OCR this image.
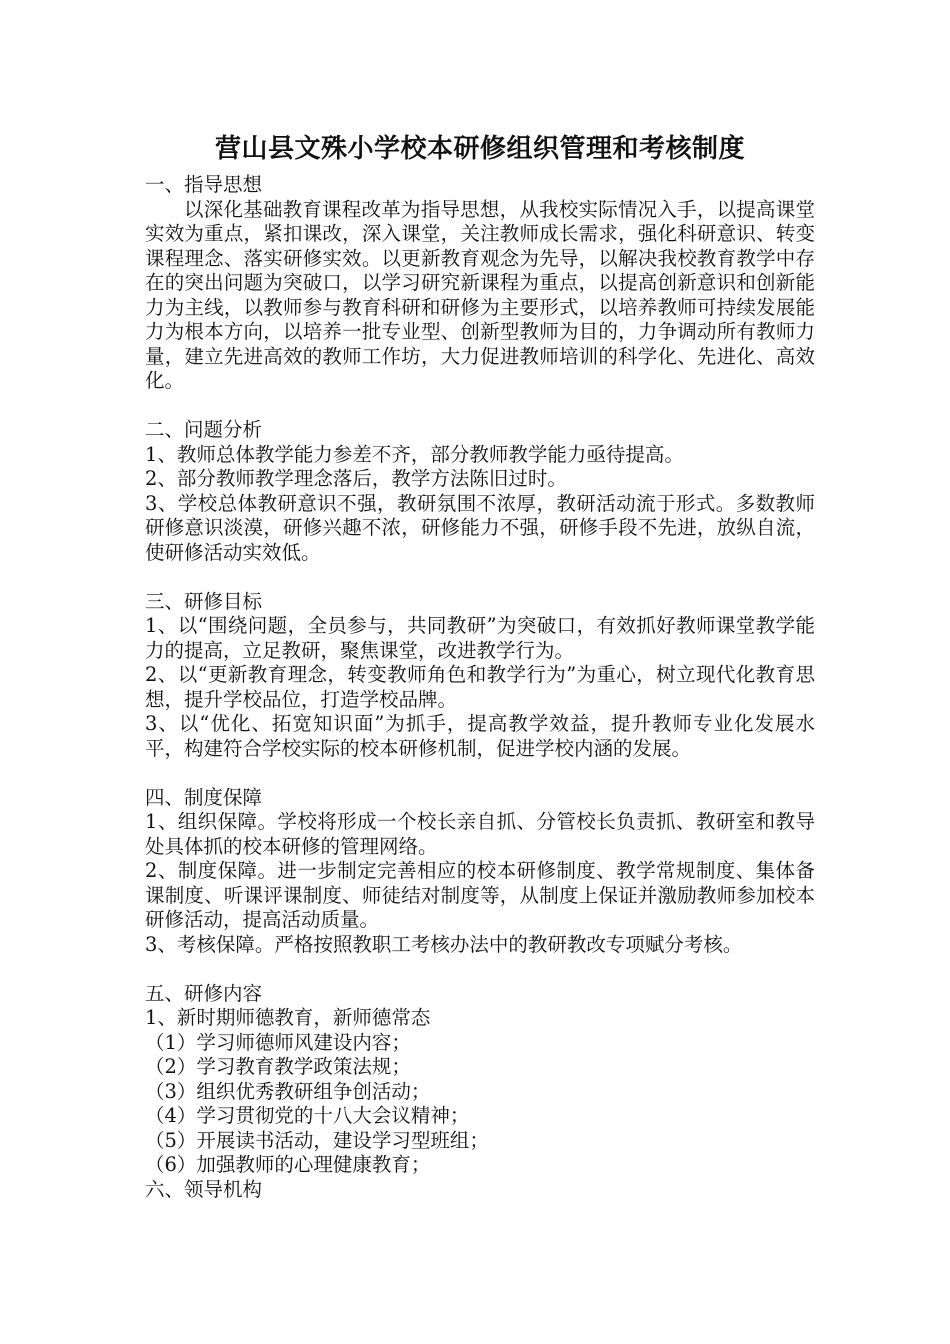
营山县文殊小学校本研修组织管理和考核制度

一、指导思想

以深化基础教育课程改革为指导思想，从我校实际情况入手，以提高课堂实效为重点，紧扣课改，深入课堂，关注教师成长需求，强化科研意识、转变课程理念、落实研修实效。以更新教育观念为先导，以解决我校教育教学中存在的突出问题为突破口，以学习研究新课程为重点，以提高创新意识和创新能力为主线，以教师参与教育科研和研修为主要形式，以培养教师可持续发展能力为根本方向，以培养一批专业型、创新型教师为目的，力争调动所有教师力量，建立先进高效的教师工作坊，大力促进教师培训的科学化、先进化、高效化。

二、问题分析

1、教师总体教学能力参差不齐，部分教师教学能力亟待提高。

2、部分教师教学理念落后，教学方法陈旧过时。

3、学校总体教研意识不强，教研氛围不浓厚，教研活动流于形式。多数教师研修意识淡漠，研修兴趣不浓，研修能力不强，研修手段不先进，放纵自流，使研修活动实效低。

三、研修目标

1、以“围绕问题，全员参与，共同教研”为突破口，有效抓好教师课堂教学能力的提高，立足教研，聚焦课堂，改进教学行为。

2、以“更新教育理念，转变教师角色和教学行为”为重心，树立现代化教育思想，提升学校品位，打造学校品牌。

3、以“优化、拓宽知识面”为抓手，提高教学效益，提升教师专业化发展水平，构建符合学校实际的校本研修机制，促进学校内涵的发展。

四、制度保障

1、组织保障。学校将形成一个校长亲自抓、分管校长负责抓、教研室和教导处具体抓的校本研修的管理网络。

2、制度保障。进一步制定完善相应的校本研修制度、教学常规制度、集体备课制度、听课评课制度、师徒结对制度等，从制度上保证并激励教师参加校本研修活动，提高活动质量。

3、考核保障。严格按照教职工考核办法中的教研教改专项赋分考核。

五、研修内容

1、新时期师德教育，新师德常态

（1）学习师德师风建设内容；

（2）学习教育教学政策法规；

（3）组织优秀教研组争创活动；

（4）学习贯彻党的十八大会议精神；

（5）开展读书活动，建设学习型班组；

（6）加强教师的心理健康教育；

六、领导机构
